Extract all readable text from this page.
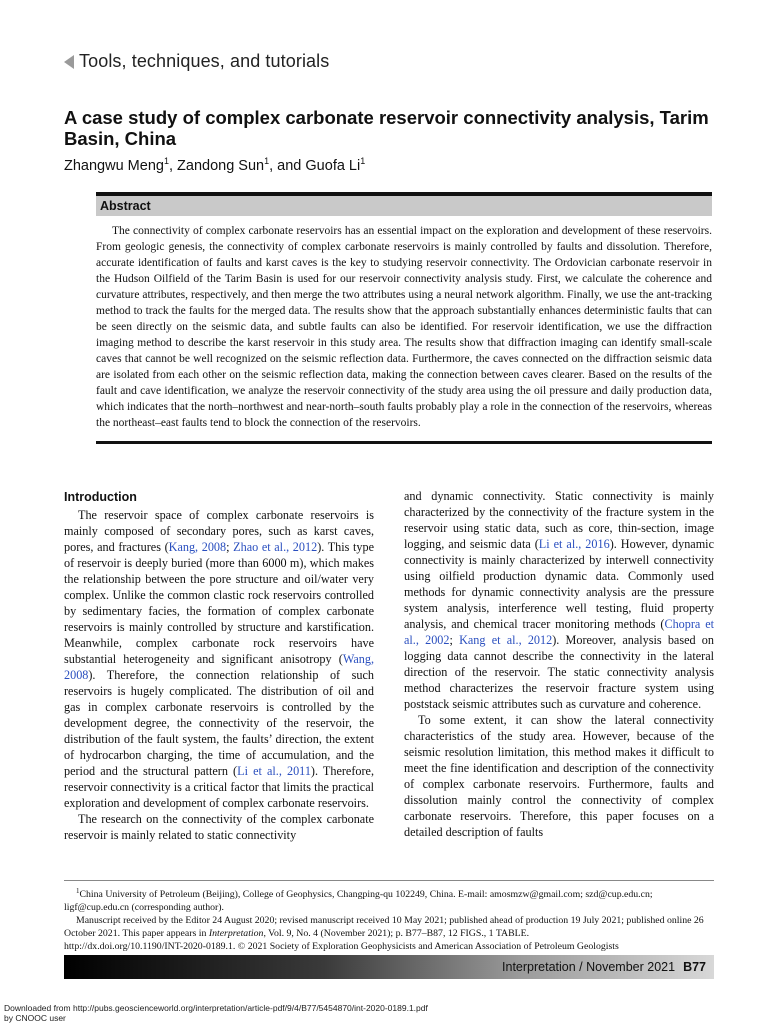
Tools, techniques, and tutorials
A case study of complex carbonate reservoir connectivity analysis, Tarim Basin, China
Zhangwu Meng$^1$, Zandong Sun$^1$, and Guofa Li$^1$
Abstract
The connectivity of complex carbonate reservoirs has an essential impact on the exploration and development of these reservoirs. From geologic genesis, the connectivity of complex carbonate reservoirs is mainly controlled by faults and dissolution. Therefore, accurate identification of faults and karst caves is the key to studying reservoir connectivity. The Ordovician carbonate reservoir in the Hudson Oilfield of the Tarim Basin is used for our reservoir connectivity analysis study. First, we calculate the coherence and curvature attributes, respectively, and then merge the two attributes using a neural network algorithm. Finally, we use the ant-tracking method to track the faults for the merged data. The results show that the approach substantially enhances deterministic faults that can be seen directly on the seismic data, and subtle faults can also be identified. For reservoir identification, we use the diffraction imaging method to describe the karst reservoir in this study area. The results show that diffraction imaging can identify small-scale caves that cannot be well recognized on the seismic reflection data. Furthermore, the caves connected on the diffraction seismic data are isolated from each other on the seismic reflection data, making the connection between caves clearer. Based on the results of the fault and cave identification, we analyze the reservoir connectivity of the study area using the oil pressure and daily production data, which indicates that the north–northwest and near-north–south faults probably play a role in the connection of the reservoirs, whereas the northeast–east faults tend to block the connection of the reservoirs.
Introduction

The reservoir space of complex carbonate reservoirs is mainly composed of secondary pores, such as karst caves, pores, and fractures (Kang, 2008; Zhao et al., 2012). This type of reservoir is deeply buried (more than 6000 m), which makes the relationship between the pore structure and oil/water very complex. Unlike the common clastic rock reservoirs controlled by sedimentary facies, the formation of complex carbonate reservoirs is mainly controlled by structure and karstification. Meanwhile, complex carbonate rock reservoirs have substantial heterogeneity and significant anisotropy (Wang, 2008). Therefore, the connection relationship of such reservoirs is hugely complicated. The distribution of oil and gas in complex carbonate reservoirs is controlled by the development degree, the connectivity of the reservoir, the distribution of the fault system, the faults’ direction, the extent of hydrocarbon charging, the time of accumulation, and the period and the structural pattern (Li et al., 2011). Therefore, reservoir connectivity is a critical factor that limits the practical exploration and development of complex carbonate reservoirs.

The research on the connectivity of the complex carbonate reservoir is mainly related to static connectivity

and dynamic connectivity. Static connectivity is mainly characterized by the connectivity of the fracture system in the reservoir using static data, such as core, thin-section, image logging, and seismic data (Li et al., 2016). However, dynamic connectivity is mainly characterized by interwell connectivity using oilfield production dynamic data. Commonly used methods for dynamic connectivity analysis are the pressure system analysis, interference well testing, fluid property analysis, and chemical tracer monitoring methods (Chopra et al., 2002; Kang et al., 2012). Moreover, analysis based on logging data cannot describe the connectivity in the lateral direction of the reservoir. The static connectivity analysis method characterizes the reservoir fracture system using poststack seismic attributes such as curvature and coherence.

To some extent, it can show the lateral connectivity characteristics of the study area. However, because of the seismic resolution limitation, this method makes it difficult to meet the fine identification and description of the connectivity of complex carbonate reservoirs. Furthermore, faults and dissolution mainly control the connectivity of complex carbonate reservoirs. Therefore, this paper focuses on a detailed description of faults

$^1$China University of Petroleum (Beijing), College of Geophysics, Changping-qu 102249, China. E-mail: amosmzw@gmail.com; szd@cup.edu.cn; ligf@cup.edu.cn (corresponding author).

Manuscript received by the Editor 24 August 2020; revised manuscript received 10 May 2021; published ahead of production 19 July 2021; published online 26 October 2021. This paper appears in Interpretation, Vol. 9, No. 4 (November 2021); p. B77–B87, 12 FIGS., 1 TABLE.

http://dx.doi.org/10.1190/INT-2020-0189.1. © 2021 Society of Exploration Geophysicists and American Association of Petroleum Geologists

Interpretation / November 2021 B77
Downloaded from http://pubs.geoscienceworld.org/interpretation/article-pdf/9/4/B77/5454870/int-2020-0189.1.pdf
by CNOOC user
